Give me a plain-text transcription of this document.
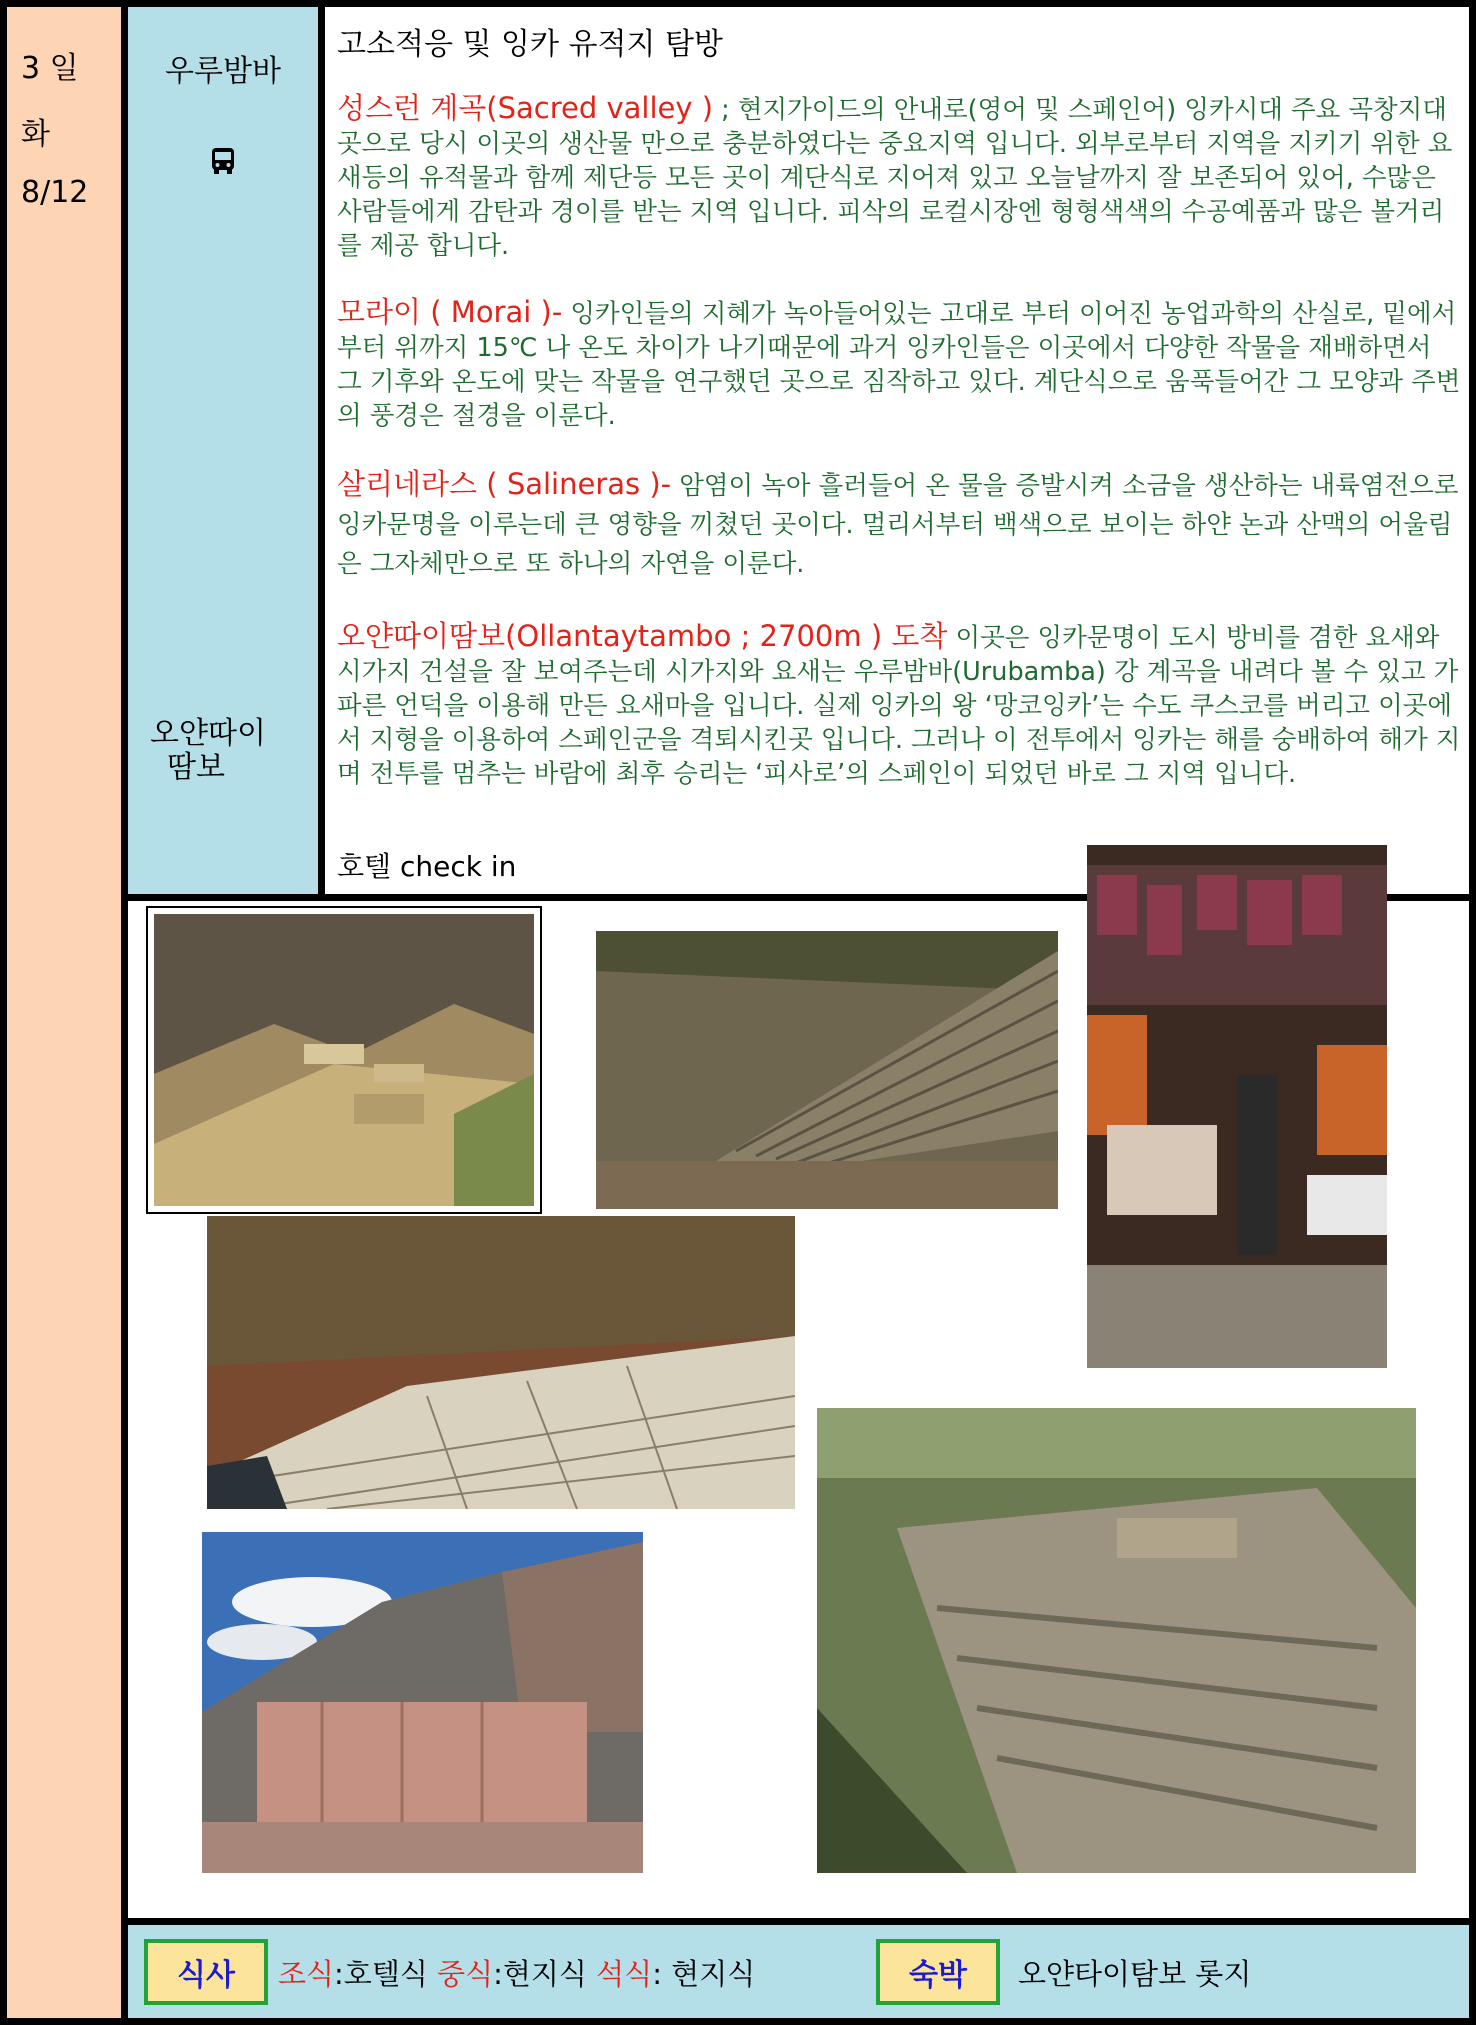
3 일
화
8/12
우루밤바
오얀따이
땀보
고소적응 및 잉카 유적지 탐방
성스런 계곡(Sacred valley ) ; 현지가이드의 안내로(영어 및 스페인어) 잉카시대 주요 곡창지대 곳으로 당시 이곳의 생산물 만으로 충분하였다는 중요지역 입니다. 외부로부터 지역을 지키기 위한 요새등의 유적물과 함께 제단등 모든 곳이 계단식로 지어져 있고 오늘날까지 잘 보존되어 있어, 수많은 사람들에게 감탄과 경이를 받는 지역 입니다. 피삭의 로컬시장엔 형형색색의 수공예품과 많은 볼거리를 제공 합니다.
모라이 ( Morai )- 잉카인들의 지혜가 녹아들어있는 고대로 부터 이어진 농업과학의 산실로, 밑에서 부터 위까지 15℃ 나 온도 차이가 나기때문에 과거 잉카인들은 이곳에서 다양한 작물을 재배하면서 그 기후와 온도에 맞는 작물을 연구했던 곳으로 짐작하고 있다. 계단식으로 움푹들어간 그 모양과 주변의 풍경은 절경을 이룬다.
살리네라스 ( Salineras )- 암염이 녹아 흘러들어 온 물을 증발시켜 소금을 생산하는 내륙염전으로 잉카문명을 이루는데 큰 영향을 끼쳤던 곳이다. 멀리서부터 백색으로 보이는 하얀 논과 산맥의 어울림은 그자체만으로 또 하나의 자연을 이룬다.
오얀따이땀보(Ollantaytambo ; 2700m ) 도착 이곳은 잉카문명이 도시 방비를 겸한 요새와 시가지 건설을 잘 보여주는데 시가지와 요새는 우루밤바(Urubamba) 강 계곡을 내려다 볼 수 있고 가파른 언덕을 이용해 만든 요새마을 입니다. 실제 잉카의 왕 ‘망코잉카’는 수도 쿠스코를 버리고 이곳에서 지형을 이용하여 스페인군을 격퇴시킨곳 입니다. 그러나 이 전투에서 잉카는 해를 숭배하여 해가 지며 전투를 멈추는 바람에 최후 승리는 ‘피사로’의 스페인이 되었던 바로 그 지역 입니다.
호텔 check in
식사	조식:호텔식 중식:현지식 석식: 현지식	숙박	오얀타이탐보 롯지
